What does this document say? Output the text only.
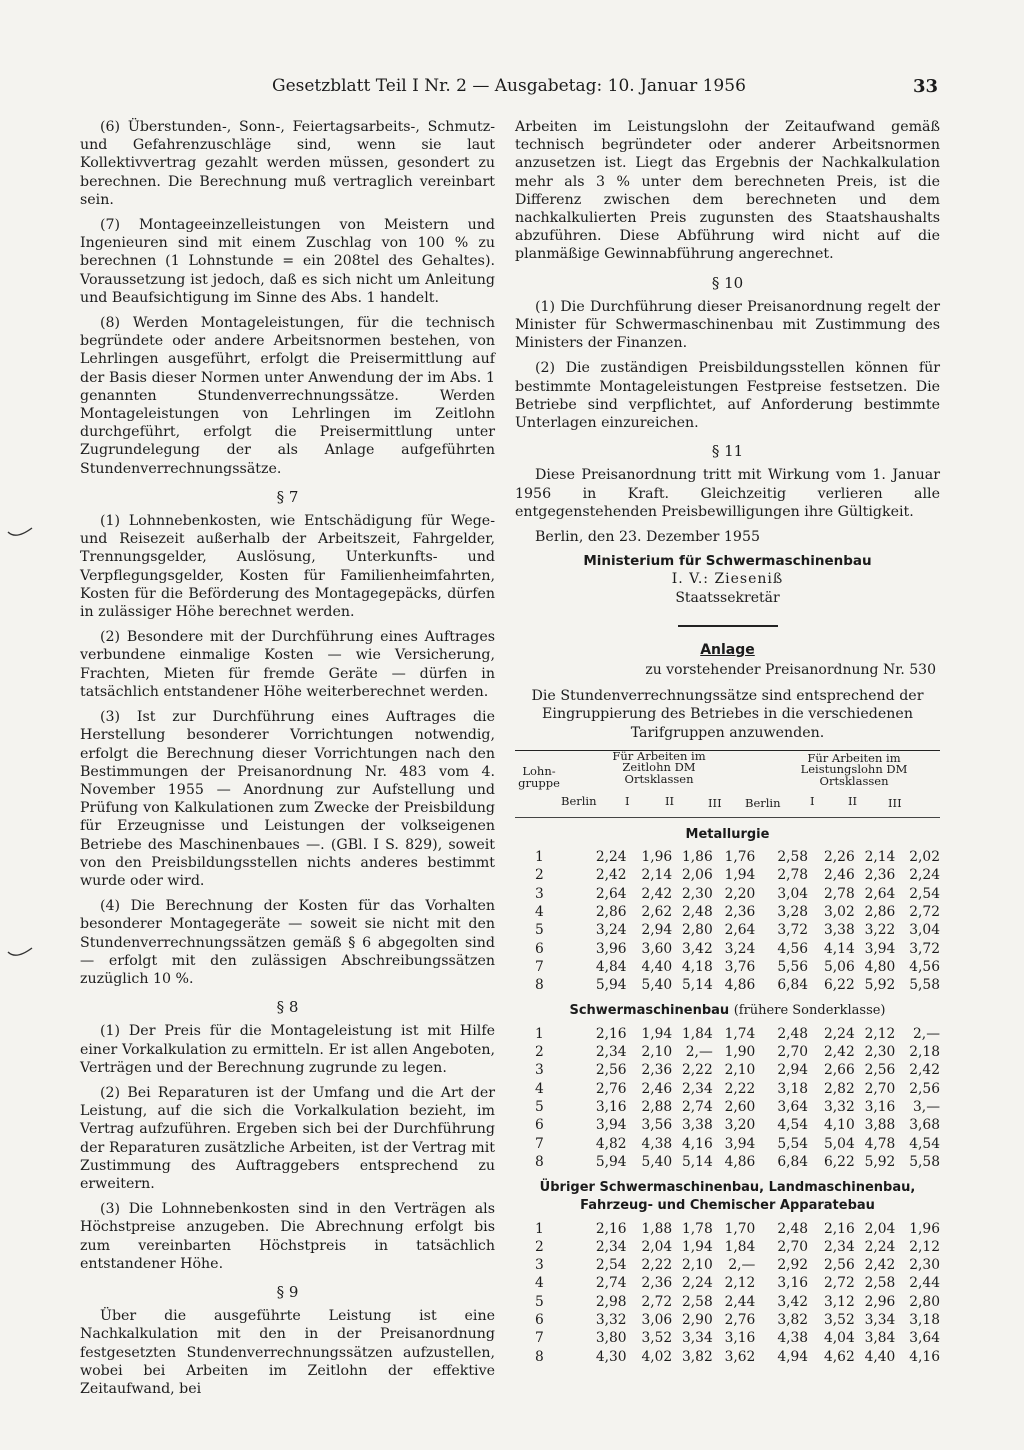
Gesetzblatt Teil I Nr. 2 — Ausgabetag: 10. Januar 1956	33

(6) Überstunden-, Sonn-, Feiertagsarbeits-, Schmutz- und Gefahrenzuschläge sind, wenn sie laut Kollektivvertrag gezahlt werden müssen, gesondert zu berechnen. Die Berechnung muß vertraglich vereinbart sein.

(7) Montageeinzelleistungen von Meistern und Ingenieuren sind mit einem Zuschlag von 100 % zu berechnen (1 Lohnstunde = ein 208tel des Gehaltes). Voraussetzung ist jedoch, daß es sich nicht um Anleitung und Beaufsichtigung im Sinne des Abs. 1 handelt.

(8) Werden Montageleistungen, für die technisch begründete oder andere Arbeitsnormen bestehen, von Lehrlingen ausgeführt, erfolgt die Preisermittlung auf der Basis dieser Normen unter Anwendung der im Abs. 1 genannten Stundenverrechnungssätze. Werden Montageleistungen von Lehrlingen im Zeitlohn durchgeführt, erfolgt die Preisermittlung unter Zugrundelegung der als Anlage aufgeführten Stundenverrechnungssätze.

§ 7

(1) Lohnnebenkosten, wie Entschädigung für Wege- und Reisezeit außerhalb der Arbeitszeit, Fahrgelder, Trennungsgelder, Auslösung, Unterkunfts- und Verpflegungsgelder, Kosten für Familienheimfahrten, Kosten für die Beförderung des Montagegepäcks, dürfen in zulässiger Höhe berechnet werden.

(2) Besondere mit der Durchführung eines Auftrages verbundene einmalige Kosten — wie Versicherung, Frachten, Mieten für fremde Geräte — dürfen in tatsächlich entstandener Höhe weiterberechnet werden.

(3) Ist zur Durchführung eines Auftrages die Herstellung besonderer Vorrichtungen notwendig, erfolgt die Berechnung dieser Vorrichtungen nach den Bestimmungen der Preisanordnung Nr. 483 vom 4. November 1955 — Anordnung zur Aufstellung und Prüfung von Kalkulationen zum Zwecke der Preisbildung für Erzeugnisse und Leistungen der volkseigenen Betriebe des Maschinenbaues —. (GBl. I S. 829), soweit von den Preisbildungsstellen nichts anderes bestimmt wurde oder wird.

(4) Die Berechnung der Kosten für das Vorhalten besonderer Montagegeräte — soweit sie nicht mit den Stundenverrechnungssätzen gemäß § 6 abgegolten sind — erfolgt mit den zulässigen Abschreibungssätzen zuzüglich 10 %.

§ 8

(1) Der Preis für die Montageleistung ist mit Hilfe einer Vorkalkulation zu ermitteln. Er ist allen Angeboten, Verträgen und der Berechnung zugrunde zu legen.

(2) Bei Reparaturen ist der Umfang und die Art der Leistung, auf die sich die Vorkalkulation bezieht, im Vertrag aufzuführen. Ergeben sich bei der Durchführung der Reparaturen zusätzliche Arbeiten, ist der Vertrag mit Zustimmung des Auftraggebers entsprechend zu erweitern.

(3) Die Lohnnebenkosten sind in den Verträgen als Höchstpreise anzugeben. Die Abrechnung erfolgt bis zum vereinbarten Höchstpreis in tatsächlich entstandener Höhe.

§ 9

Über die ausgeführte Leistung ist eine Nachkalkulation mit den in der Preisanordnung festgesetzten Stundenverrechnungssätzen aufzustellen, wobei bei Arbeiten im Zeitlohn der effektive Zeitaufwand, bei

Arbeiten im Leistungslohn der Zeitaufwand gemäß technisch begründeter oder anderer Arbeitsnormen anzusetzen ist. Liegt das Ergebnis der Nachkalkulation mehr als 3 % unter dem berechneten Preis, ist die Differenz zwischen dem berechneten und dem nachkalkulierten Preis zugunsten des Staatshaushalts abzuführen. Diese Abführung wird nicht auf die planmäßige Gewinnabführung angerechnet.

§ 10

(1) Die Durchführung dieser Preisanordnung regelt der Minister für Schwermaschinenbau mit Zustimmung des Ministers der Finanzen.

(2) Die zuständigen Preisbildungsstellen können für bestimmte Montageleistungen Festpreise festsetzen. Die Betriebe sind verpflichtet, auf Anforderung bestimmte Unterlagen einzureichen.

§ 11

Diese Preisanordnung tritt mit Wirkung vom 1. Januar 1956 in Kraft. Gleichzeitig verlieren alle entgegenstehenden Preisbewilligungen ihre Gültigkeit.

Berlin, den 23. Dezember 1955
Ministerium für Schwermaschinenbau
I. V.: Ziesenіß
Staatssekretär
Anlage
zu vorstehender Preisanordnung Nr. 530
Die Stundenverrechnungssätze sind entsprechend der Eingruppierung des Betriebes in die verschiedenen Tarifgruppen anzuwenden.
Lohn-
gruppe
Für Arbeiten im Zeitlohn DM Ortsklassen
Für Arbeiten im Leistungslohn DM Ortsklassen
Berlin I	II	III Berlin	I	II	III
Metallurgie
1	2,24	1,96	1,86	1,76	2,58	2,26	2,14	2,02
2	2,42	2,14	2,06	1,94	2,78	2,46	2,36	2,24
3	2,64	2,42	2,30	2,20	3,04	2,78	2,64	2,54
4	2,86	2,62	2,48	2,36	3,28	3,02	2,86	2,72
5	3,24	2,94	2,80	2,64	3,72	3,38	3,22	3,04
6	3,96	3,60	3,42	3,24	4,56	4,14	3,94	3,72
7	4,84	4,40	4,18	3,76	5,56	5,06	4,80	4,56
8	5,94	5,40	5,14	4,86	6,84	6,22	5,92	5,58
Schwermaschinenbau (frühere Sonderklasse)
1	2,16	1,94	1,84	1,74	2,48	2,24	2,12	2,—
2	2,34	2,10	2,—	1,90	2,70	2,42	2,30	2,18
3	2,56	2,36	2,22	2,10	2,94	2,66	2,56	2,42
4	2,76	2,46	2,34	2,22	3,18	2,82	2,70	2,56
5	3,16	2,88	2,74	2,60	3,64	3,32	3,16	3,—
6	3,94	3,56	3,38	3,20	4,54	4,10	3,88	3,68
7	4,82	4,38	4,16	3,94	5,54	5,04	4,78	4,54
8	5,94	5,40	5,14	4,86	6,84	6,22	5,92	5,58
Übriger Schwermaschinenbau, Landmaschinenbau, Fahrzeug- und Chemischer Apparatebau
1	2,16	1,88	1,78	1,70	2,48	2,16	2,04	1,96
2	2,34	2,04	1,94	1,84	2,70	2,34	2,24	2,12
3	2,54	2,22	2,10	2,—	2,92	2,56	2,42	2,30
4	2,74	2,36	2,24	2,12	3,16	2,72	2,58	2,44
5	2,98	2,72	2,58	2,44	3,42	3,12	2,96	2,80
6	3,32	3,06	2,90	2,76	3,82	3,52	3,34	3,18
7	3,80	3,52	3,34	3,16	4,38	4,04	3,84	3,64
8	4,30	4,02	3,82	3,62	4,94	4,62	4,40	4,16
